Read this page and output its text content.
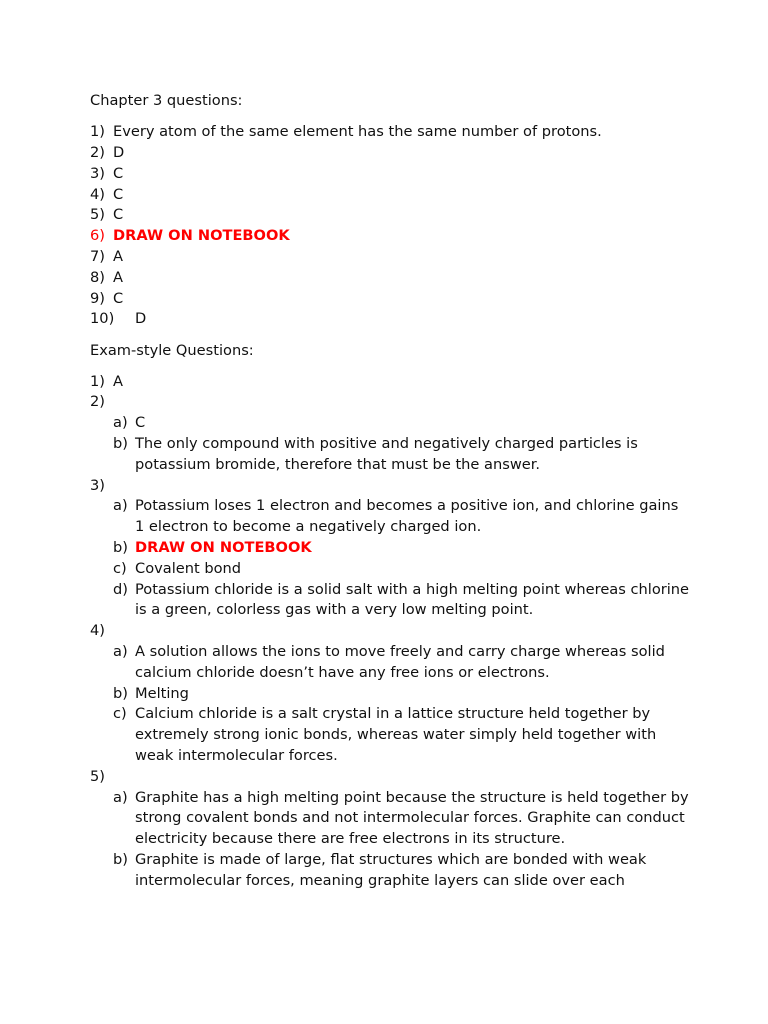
Chapter 3 questions:

1) Every atom of the same element has the same number of protons.
2) D
3) C
4) C
5) C
6) DRAW ON NOTEBOOK
7) A
8) A
9) C
10)	D

Exam-style Questions:

1) A
2)
a) C
b) The only compound with positive and negatively charged particles is potassium bromide, therefore that must be the answer.
3)
a) Potassium loses 1 electron and becomes a positive ion, and chlorine gains 1 electron to become a negatively charged ion.
b) DRAW ON NOTEBOOK
c) Covalent bond
d) Potassium chloride is a solid salt with a high melting point whereas chlorine is a green, colorless gas with a very low melting point.
4)
a) A solution allows the ions to move freely and carry charge whereas solid calcium chloride doesn’t have any free ions or electrons.
b) Melting
c) Calcium chloride is a salt crystal in a lattice structure held together by extremely strong ionic bonds, whereas water simply held together with weak intermolecular forces.
5)
a) Graphite has a high melting point because the structure is held together by strong covalent bonds and not intermolecular forces. Graphite can conduct electricity because there are free electrons in its structure.
b) Graphite is made of large, flat structures which are bonded with weak intermolecular forces, meaning graphite layers can slide over each
